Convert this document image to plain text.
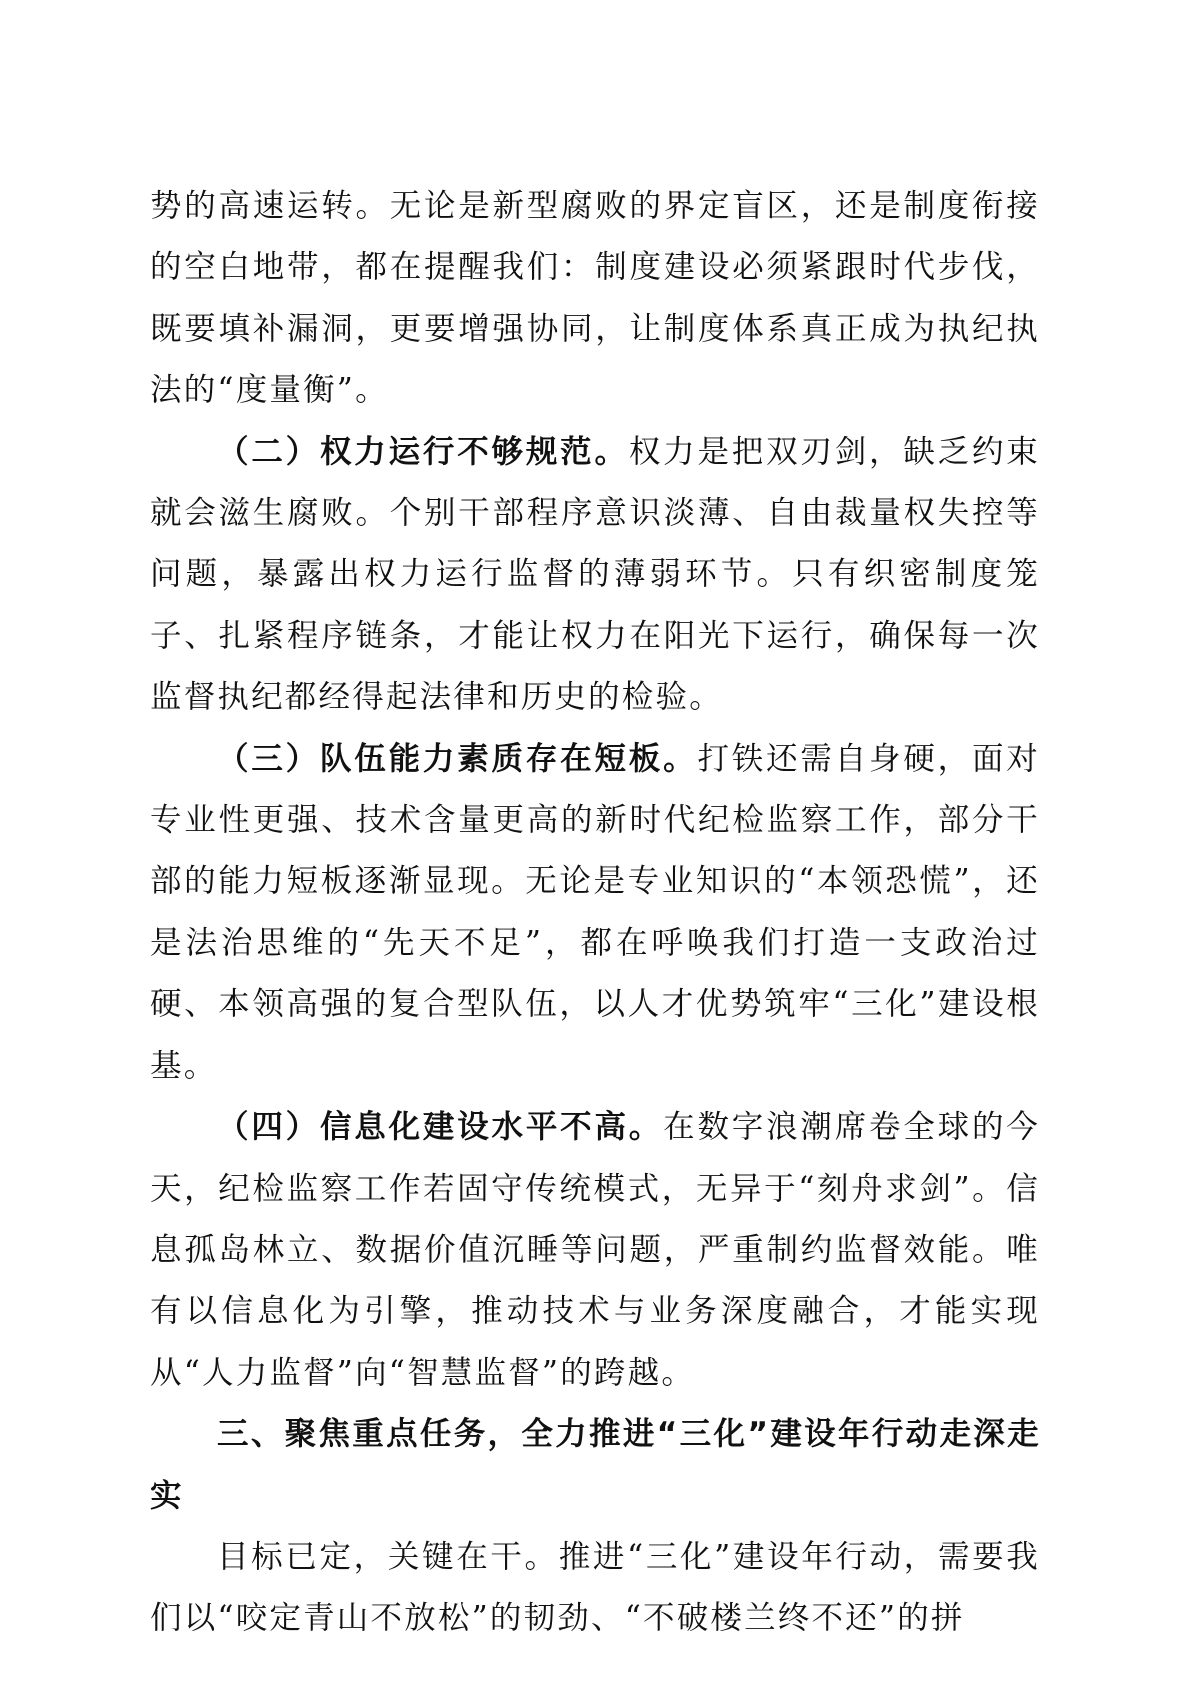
势的高速运转。无论是新型腐败的界定盲区，还是制度衔接的空白地带，都在提醒我们：制度建设必须紧跟时代步伐，既要填补漏洞，更要增强协同，让制度体系真正成为执纪执法的“度量衡”。

（二）权力运行不够规范。权力是把双刃剑，缺乏约束就会滋生腐败。个别干部程序意识淡薄、自由裁量权失控等问题，暴露出权力运行监督的薄弱环节。只有织密制度笼子、扎紧程序链条，才能让权力在阳光下运行，确保每一次监督执纪都经得起法律和历史的检验。

（三）队伍能力素质存在短板。打铁还需自身硬，面对专业性更强、技术含量更高的新时代纪检监察工作，部分干部的能力短板逐渐显现。无论是专业知识的“本领恐慌”，还是法治思维的“先天不足”，都在呼唤我们打造一支政治过硬、本领高强的复合型队伍，以人才优势筑牢“三化”建设根基。

（四）信息化建设水平不高。在数字浪潮席卷全球的今天，纪检监察工作若固守传统模式，无异于“刻舟求剑”。信息孤岛林立、数据价值沉睡等问题，严重制约监督效能。唯有以信息化为引擎，推动技术与业务深度融合，才能实现从“人力监督”向“智慧监督”的跨越。

三、聚焦重点任务，全力推进“三化”建设年行动走深走实

目标已定，关键在干。推进“三化”建设年行动，需要我们以“咬定青山不放松”的韧劲、“不破楼兰终不还”的拼
